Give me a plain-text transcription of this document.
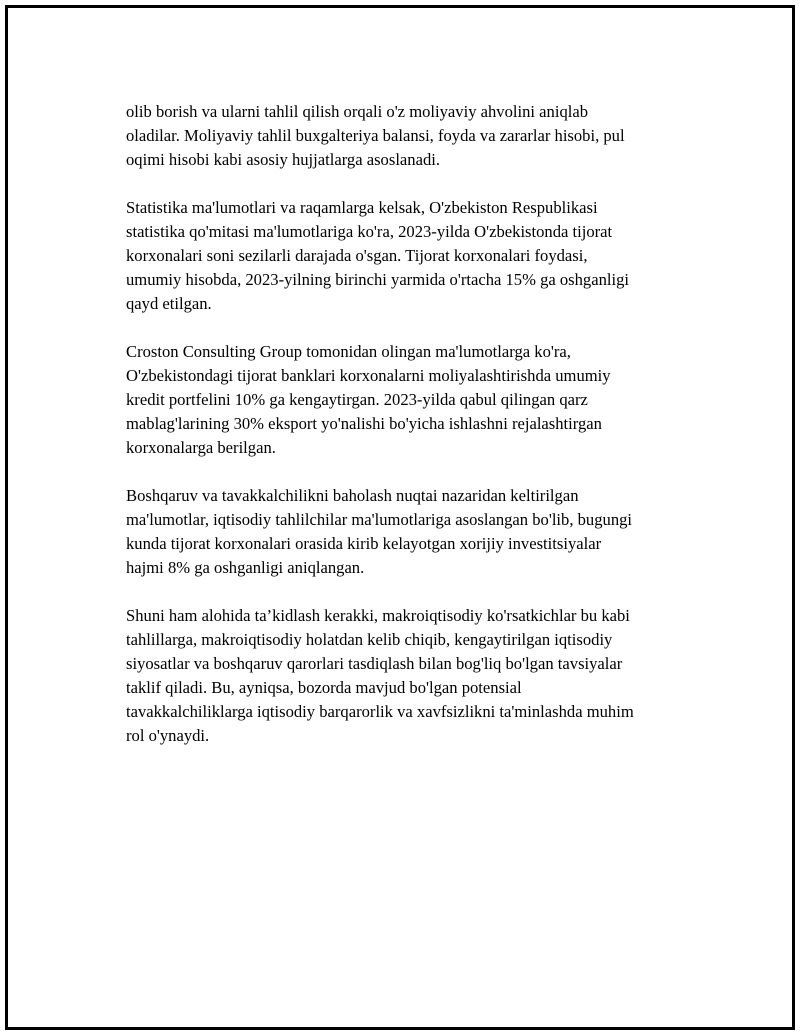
olib borish va ularni tahlil qilish orqali o'z moliyaviy ahvolini aniqlab
oladilar. Moliyaviy tahlil buxgalteriya balansi, foyda va zararlar hisobi, pul
oqimi hisobi kabi asosiy hujjatlarga asoslanadi.

Statistika ma'lumotlari va raqamlarga kelsak, O'zbekiston Respublikasi
statistika qo'mitasi ma'lumotlariga ko'ra, 2023-yilda O'zbekistonda tijorat
korxonalari soni sezilarli darajada o'sgan. Tijorat korxonalari foydasi,
umumiy hisobda, 2023-yilning birinchi yarmida o'rtacha 15% ga oshganligi
qayd etilgan.

Croston Consulting Group tomonidan olingan ma'lumotlarga ko'ra,
O'zbekistondagi tijorat banklari korxonalarni moliyalashtirishda umumiy
kredit portfelini 10% ga kengaytirgan. 2023-yilda qabul qilingan qarz
mablag'larining 30% eksport yo'nalishi bo'yicha ishlashni rejalashtirgan
korxonalarga berilgan.

Boshqaruv va tavakkalchilikni baholash nuqtai nazaridan keltirilgan
ma'lumotlar, iqtisodiy tahlilchilar ma'lumotlariga asoslangan bo'lib, bugungi
kunda tijorat korxonalari orasida kirib kelayotgan xorijiy investitsiyalar
hajmi 8% ga oshganligi aniqlangan.

Shuni ham alohida ta’kidlash kerakki, makroiqtisodiy ko'rsatkichlar bu kabi
tahlillarga, makroiqtisodiy holatdan kelib chiqib, kengaytirilgan iqtisodiy
siyosatlar va boshqaruv qarorlari tasdiqlash bilan bog'liq bo'lgan tavsiyalar
taklif qiladi. Bu, ayniqsa, bozorda mavjud bo'lgan potensial
tavakkalchiliklarga iqtisodiy barqarorlik va xavfsizlikni ta'minlashda muhim
rol o'ynaydi.
